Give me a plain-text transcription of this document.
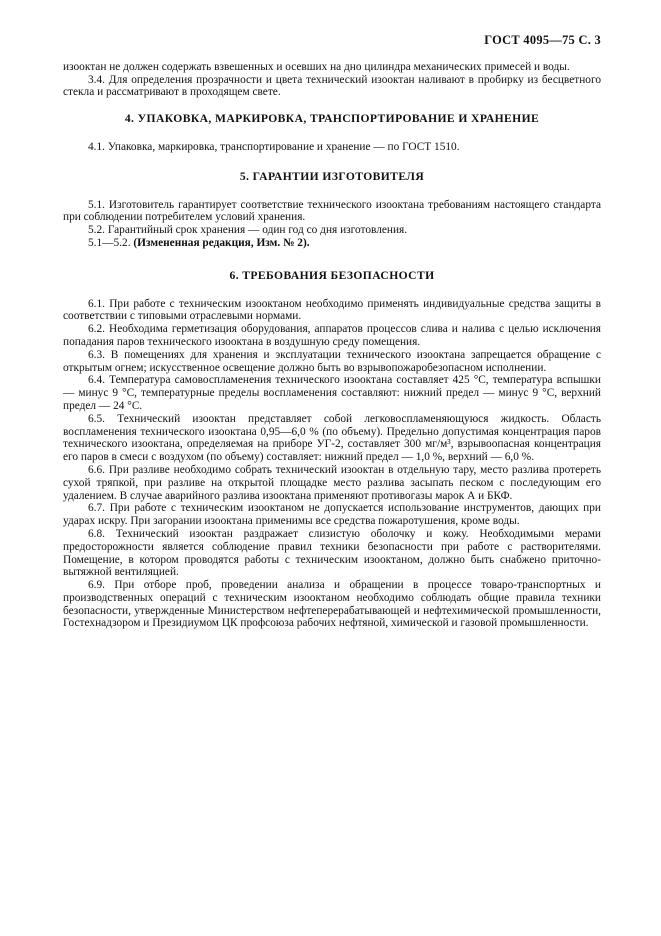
ГОСТ 4095—75 С. 3

изооктан не должен содержать взвешенных и осевших на дно цилиндра механических примесей и воды.

3.4. Для определения прозрачности и цвета технический изооктан наливают в пробирку из бесцветного стекла и рассматривают в проходящем свете.

4. УПАКОВКА, МАРКИРОВКА, ТРАНСПОРТИРОВАНИЕ И ХРАНЕНИЕ

4.1. Упаковка, маркировка, транспортирование и хранение — по ГОСТ 1510.

5. ГАРАНТИИ ИЗГОТОВИТЕЛЯ

5.1. Изготовитель гарантирует соответствие технического изооктана требованиям настоящего стандарта при соблюдении потребителем условий хранения.

5.2. Гарантийный срок хранения — один год со дня изготовления.

5.1—5.2. (Измененная редакция, Изм. № 2).

6. ТРЕБОВАНИЯ БЕЗОПАСНОСТИ

6.1. При работе с техническим изооктаном необходимо применять индивидуальные средства защиты в соответствии с типовыми отраслевыми нормами.

6.2. Необходима герметизация оборудования, аппаратов процессов слива и налива с целью исключения попадания паров технического изооктана в воздушную среду помещения.

6.3. В помещениях для хранения и эксплуатации технического изооктана запрещается обращение с открытым огнем; искусственное освещение должно быть во взрывопожаробезопасном исполнении.

6.4. Температура самовоспламенения технического изооктана составляет 425 °С, температура вспышки — минус 9 °С, температурные пределы воспламенения составляют: нижний предел — минус 9 °С, верхний предел — 24 °С.

6.5. Технический изооктан представляет собой легковоспламеняющуюся жидкость. Область воспламенения технического изооктана 0,95—6,0 % (по объему). Предельно допустимая концентрация паров технического изооктана, определяемая на приборе УГ-2, составляет 300 мг/м³, взрывоопасная концентрация его паров в смеси с воздухом (по объему) составляет: нижний предел — 1,0 %, верхний — 6,0 %.

6.6. При разливе необходимо собрать технический изооктан в отдельную тару, место разлива протереть сухой тряпкой, при разливе на открытой площадке место разлива засыпать песком с последующим его удалением. В случае аварийного разлива изооктана применяют противогазы марок А и БКФ.

6.7. При работе с техническим изооктаном не допускается использование инструментов, дающих при ударах искру. При загорании изооктана применимы все средства пожаротушения, кроме воды.

6.8. Технический изооктан раздражает слизистую оболочку и кожу. Необходимыми мерами предосторожности является соблюдение правил техники безопасности при работе с растворителями. Помещение, в котором проводятся работы с техническим изооктаном, должно быть снабжено приточно-вытяжной вентиляцией.

6.9. При отборе проб, проведении анализа и обращении в процессе товаро-транспортных и производственных операций с техническим изооктаном необходимо соблюдать общие правила техники безопасности, утвержденные Министерством нефтеперерабатывающей и нефтехимической промышленности, Гостехнадзором и Президиумом ЦК профсоюза рабочих нефтяной, химической и газовой промышленности.
